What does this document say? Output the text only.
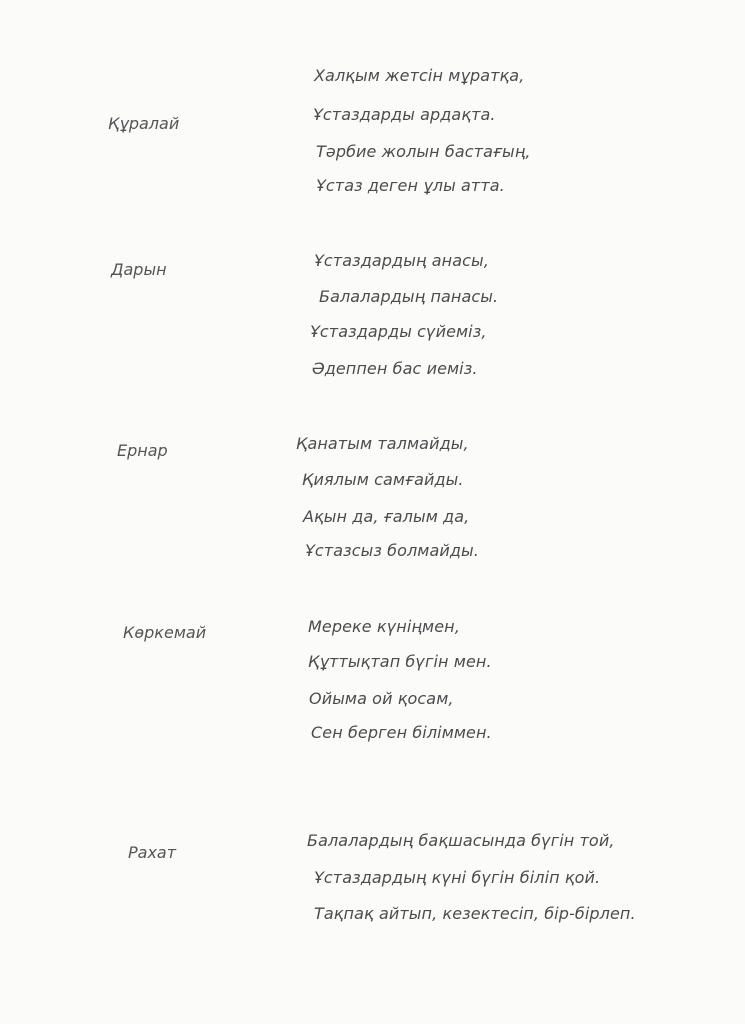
Құралай
Халқым жетсін мұратқа,
Ұстаздарды ардақта.
Тәрбие жолын бастағың,
Ұстаз деген ұлы атта.
Дарын	Ұстаздардың анасы,
Балалардың панасы.
Ұстаздарды сүйеміз,
Әдеппен бас иеміз.
Ернар	Қанатым талмайды,
Қиялым самғайды.
Ақын да, ғалым да,
Ұстазсыз болмайды.
Көркемай	Мереке күніңмен,
Құттықтап бүгін мен.
Ойыма ой қосам,
Сен берген біліммен.
Рахат
Балалардың бақшасында бүгін той,
Ұстаздардың күні бүгін біліп қой.
Тақпақ айтып, кезектесіп, бір-бірлеп.
